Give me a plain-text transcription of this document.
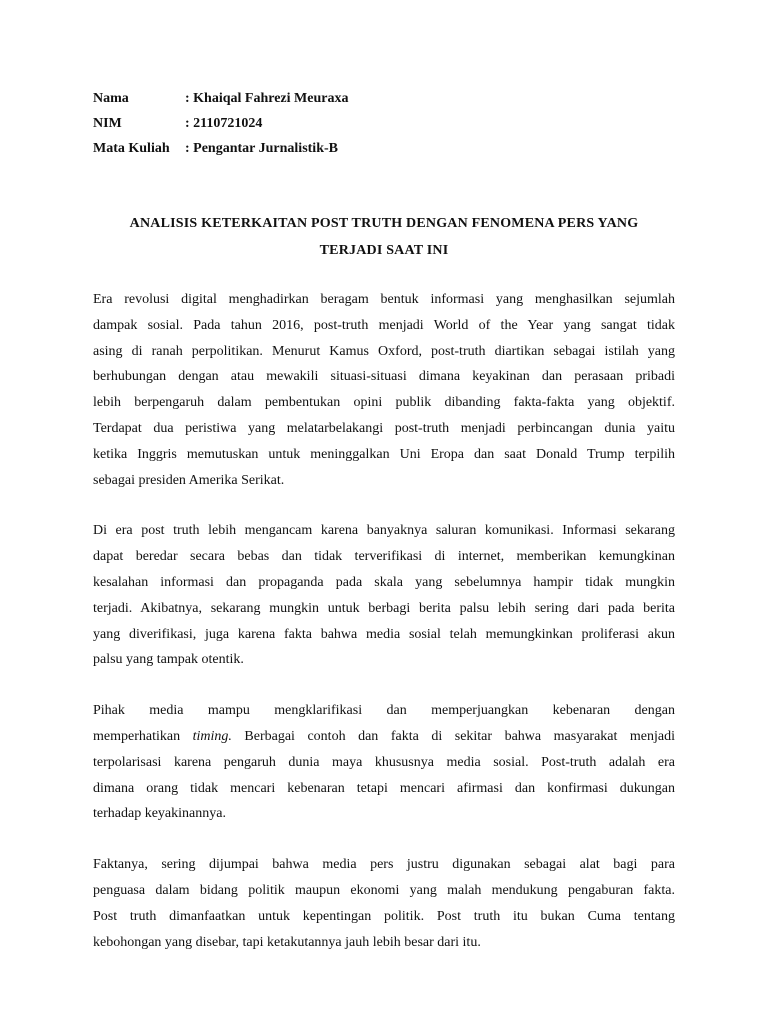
Nama	: Khaiqal Fahrezi Meuraxa
NIM	: 2110721024
Mata Kuliah	: Pengantar Jurnalistik-B
ANALISIS KETERKAITAN POST TRUTH DENGAN FENOMENA PERS YANG
TERJADI SAAT INI
Era revolusi digital menghadirkan beragam bentuk informasi yang menghasilkan sejumlah
dampak sosial. Pada tahun 2016, post-truth menjadi World of the Year yang sangat tidak
asing di ranah perpolitikan. Menurut Kamus Oxford, post-truth diartikan sebagai istilah yang
berhubungan dengan atau mewakili situasi-situasi dimana keyakinan dan perasaan pribadi
lebih berpengaruh dalam pembentukan opini publik dibanding fakta-fakta yang objektif.
Terdapat dua peristiwa yang melatarbelakangi post-truth menjadi perbincangan dunia yaitu
ketika Inggris memutuskan untuk meninggalkan Uni Eropa dan saat Donald Trump terpilih
sebagai presiden Amerika Serikat.
Di era post truth lebih mengancam karena banyaknya saluran komunikasi. Informasi sekarang
dapat beredar secara bebas dan tidak terverifikasi di internet, memberikan kemungkinan
kesalahan informasi dan propaganda pada skala yang sebelumnya hampir tidak mungkin
terjadi. Akibatnya, sekarang mungkin untuk berbagi berita palsu lebih sering dari pada berita
yang diverifikasi, juga karena fakta bahwa media sosial telah memungkinkan proliferasi akun
palsu yang tampak otentik.
Pihak media mampu mengklarifikasi dan memperjuangkan kebenaran dengan
memperhatikan timing. Berbagai contoh dan fakta di sekitar bahwa masyarakat menjadi
terpolarisasi karena pengaruh dunia maya khususnya media sosial. Post-truth adalah era
dimana orang tidak mencari kebenaran tetapi mencari afirmasi dan konfirmasi dukungan
terhadap keyakinannya.
Faktanya, sering dijumpai bahwa media pers justru digunakan sebagai alat bagi para
penguasa dalam bidang politik maupun ekonomi yang malah mendukung pengaburan fakta.
Post truth dimanfaatkan untuk kepentingan politik. Post truth itu bukan Cuma tentang
kebohongan yang disebar, tapi ketakutannya jauh lebih besar dari itu.
